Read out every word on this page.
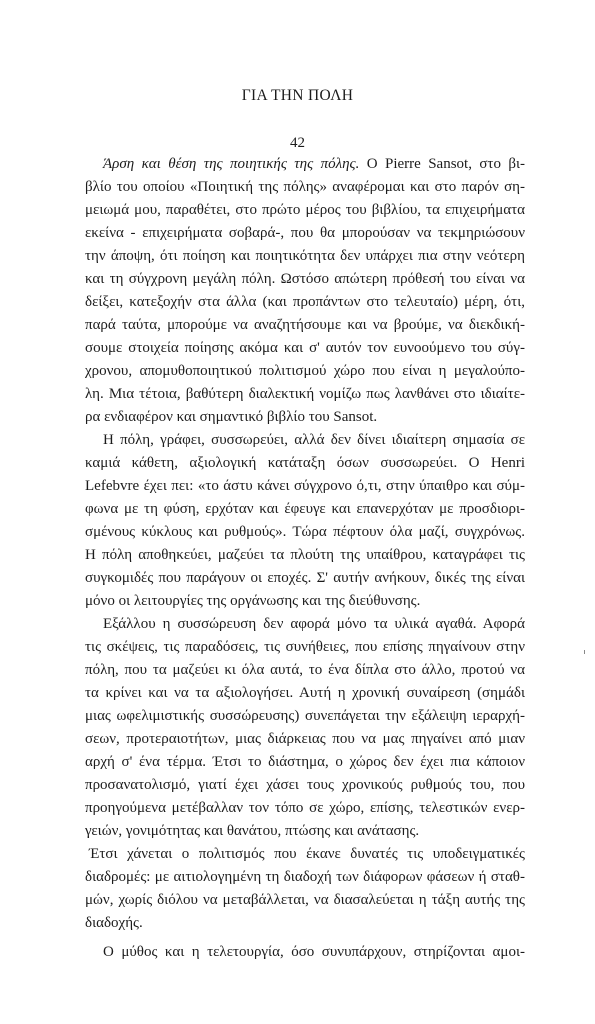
ΓΙΑ ΤΗΝ ΠΟΛΗ
42
Άρση και θέση της ποιητικής της πόλης. Ο Pierre Sansot, στο βι-
βλίο του οποίου «Ποιητική της πόλης» αναφέρομαι και στο παρόν ση-
μειωμά μου, παραθέτει, στο πρώτο μέρος του βιβλίου, τα επιχειρήματα
εκείνα - επιχειρήματα σοβαρά-, που θα μπορούσαν να τεκμηριώσουν
την άποψη, ότι ποίηση και ποιητικότητα δεν υπάρχει πια στην νεότερη
και τη σύγχρονη μεγάλη πόλη. Ωστόσο απώτερη πρόθεσή του είναι να
δείξει, κατεξοχήν στα άλλα (και προπάντων στο τελευταίο) μέρη, ότι,
παρά ταύτα, μπορούμε να αναζητήσουμε και να βρούμε, να διεκδική-
σουμε στοιχεία ποίησης ακόμα και σ' αυτόν τον ευνοούμενο του σύγ-
χρονου, απομυθοποιητικού πολιτισμού χώρο που είναι η μεγαλούπο-
λη. Μια τέτοια, βαθύτερη διαλεκτική νομίζω πως λανθάνει στο ιδιαίτε-
ρα ενδιαφέρον και σημαντικό βιβλίο του Sansot.
Η πόλη, γράφει, συσσωρεύει, αλλά δεν δίνει ιδιαίτερη σημασία σε
καμιά κάθετη, αξιολογική κατάταξη όσων συσσωρεύει. Ο Henri
Lefebvre έχει πει: «το άστυ κάνει σύγχρονο ό,τι, στην ύπαιθρο και σύμ-
φωνα με τη φύση, ερχόταν και έφευγε και επανερχόταν με προσδιορι-
σμένους κύκλους και ρυθμούς». Τώρα πέφτουν όλα μαζί, συγχρόνως.
Η πόλη αποθηκεύει, μαζεύει τα πλούτη της υπαίθρου, καταγράφει τις
συγκομιδές που παράγουν οι εποχές. Σ' αυτήν ανήκουν, δικές της είναι
μόνο οι λειτουργίες της οργάνωσης και της διεύθυνσης.
Εξάλλου η συσσώρευση δεν αφορά μόνο τα υλικά αγαθά. Αφορά
τις σκέψεις, τις παραδόσεις, τις συνήθειες, που επίσης πηγαίνουν στην
πόλη, που τα μαζεύει κι όλα αυτά, το ένα δίπλα στο άλλο, προτού να
τα κρίνει και να τα αξιολογήσει. Αυτή η χρονική συναίρεση (σημάδι
μιας ωφελιμιστικής συσσώρευσης) συνεπάγεται την εξάλειψη ιεραρχή-
σεων, προτεραιοτήτων, μιας διάρκειας που να μας πηγαίνει από μιαν
αρχή σ' ένα τέρμα. Έτσι το διάστημα, ο χώρος δεν έχει πια κάποιον
προσανατολισμό, γιατί έχει χάσει τους χρονικούς ρυθμούς του, που
προηγούμενα μετέβαλλαν τον τόπο σε χώρο, επίσης, τελεστικών ενερ-
γειών, γονιμότητας και θανάτου, πτώσης και ανάτασης.
Έτσι χάνεται ο πολιτισμός που έκανε δυνατές τις υποδειγματικές
διαδρομές: με αιτιολογημένη τη διαδοχή των διάφορων φάσεων ή σταθ-
μών, χωρίς διόλου να μεταβάλλεται, να διασαλεύεται η τάξη αυτής της
διαδοχής.
Ο μύθος και η τελετουργία, όσο συνυπάρχουν, στηρίζονται αμοι-
